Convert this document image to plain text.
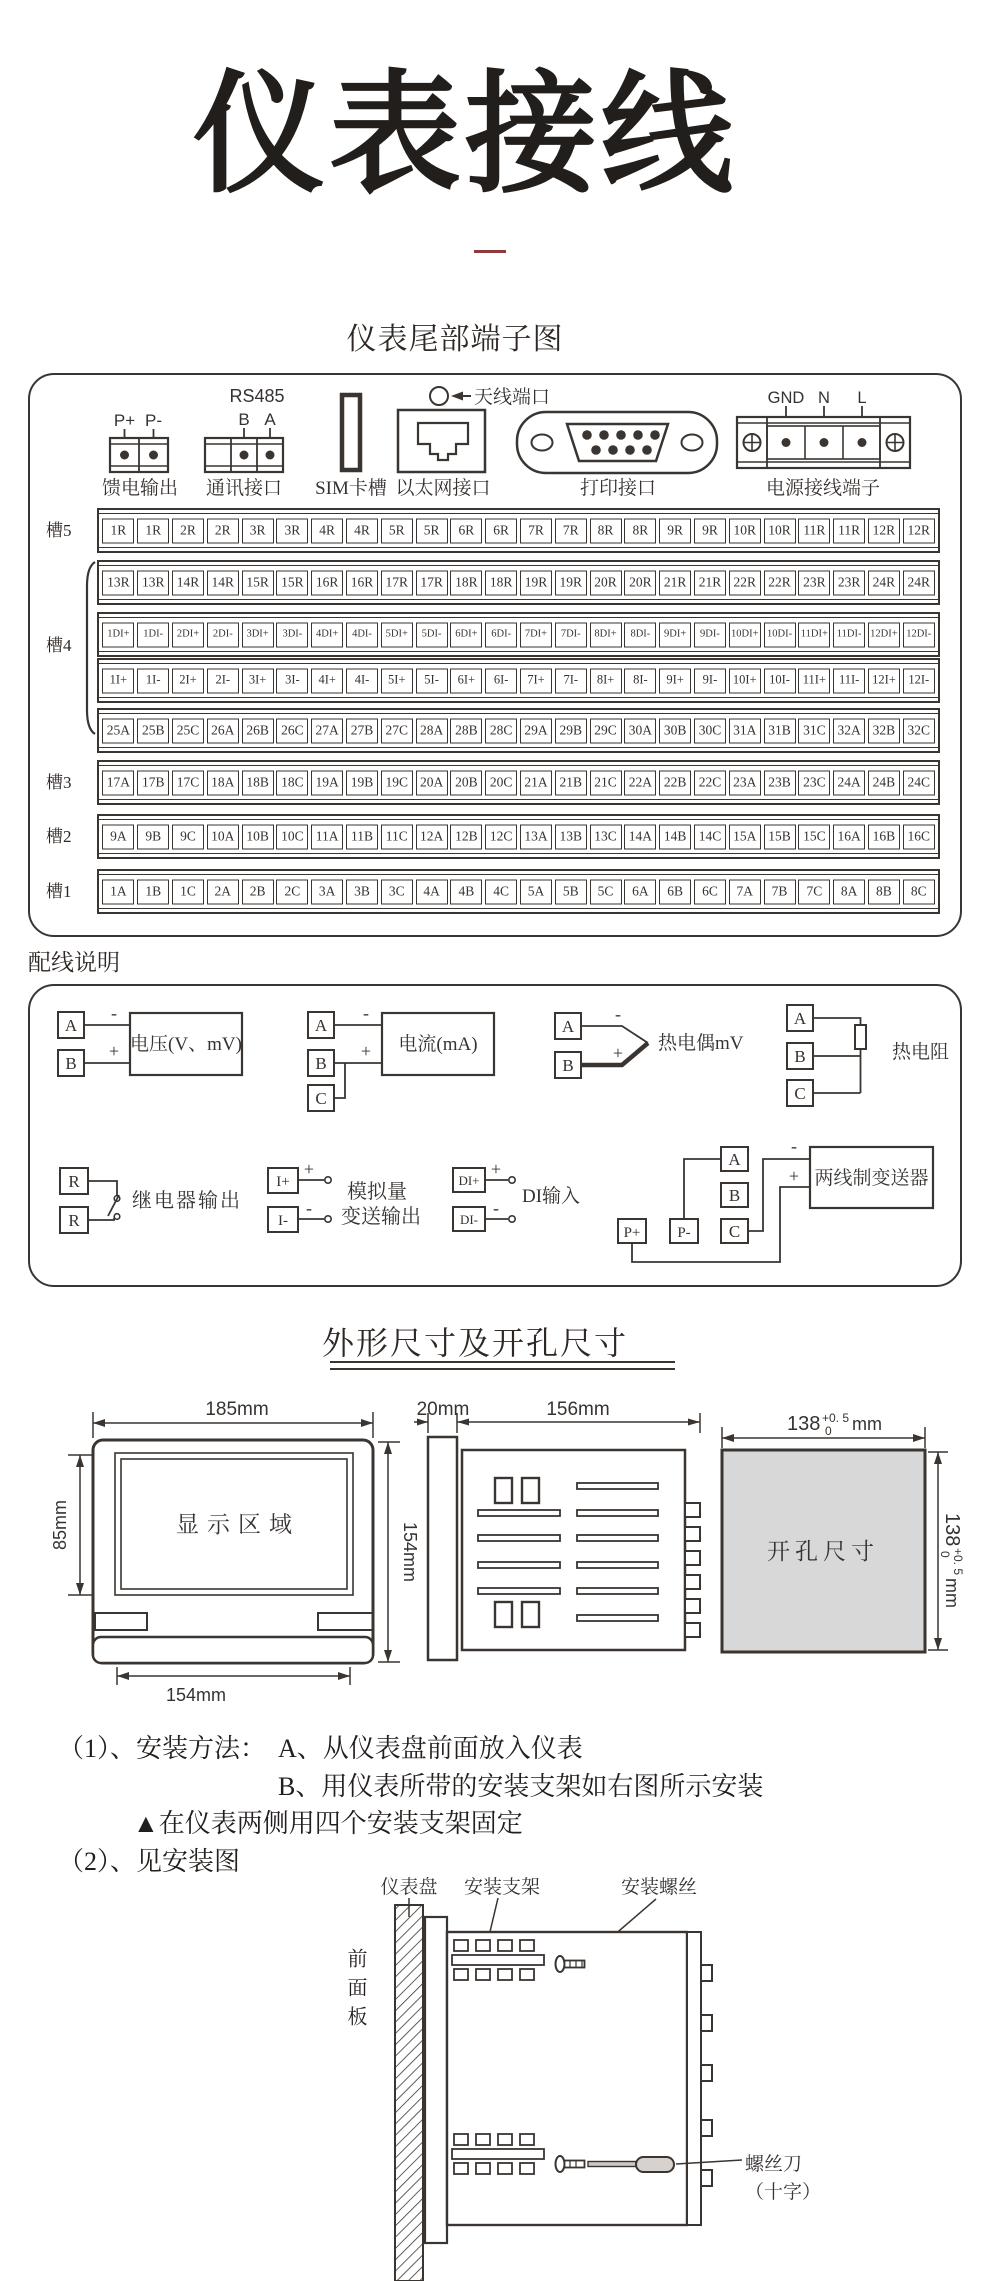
仪表接线
仪表尾部端子图
P+ P-
馈电输出
RS485
B A
通讯接口 SIM卡槽 以太网接口
天线端口
打印接口
GND N L
电源接线端子
槽5
槽4
槽3
槽2
槽1
1R	1R	2R	2R	3R	3R	4R	4R	5R	5R	6R	6R	7R	7R	8R	8R	9R	9R	10R 10R 11R 11R 12R 12R
13R 13R 14R 14R 15R 15R 16R 16R 17R 17R 18R 18R 19R 19R 20R 20R 21R 21R 22R 22R 23R 23R 24R 24R
1DI+	1DI-	2DI+	2DI-	3DI+	3DI-	4DI+	4DI-	5DI+	5DI-	6DI+	6DI-	7DI+	7DI-	8DI+	8DI-	9DI+	9DI-	10DI+ 10DI- 11DI+ 11DI- 12DI+ 12DI-
1I+	1I-	2I+	2I-	3I+	3I-	4I+	4I-	5I+	5I-	6I+	6I-	7I+	7I-	8I+	8I-	9I+	9I-	10I+	10I-	11I+	11I-	12I+	12I-
25A 25B 25C 26A 26B 26C 27A 27B 27C 28A 28B 28C 29A 29B 29C 30A 30B 30C 31A 31B 31C 32A 32B 32C
17A 17B 17C 18A 18B 18C 19A 19B 19C 20A 20B 20C 21A 21B 21C 22A 22B 22C 23A 23B 23C 24A 24B 24C
9A	9B	9C	10A 10B 10C 11A 11B 11C 12A 12B 12C 13A 13B 13C 14A 14B 14C 15A 15B 15C 16A 16B 16C
1A	1B	1C	2A	2B	2C	3A	3B	3C	4A	4B	4C	5A	5B	5C	6A	6B	6C	7A	7B	7C	8A	8B	8C
配线说明
A
B
-
+ 电压(V、mV)
A
B
C
-
+ 电流(mA)
A
B
-
+ 热电偶mV
A
B
C
热电阻
R
R
继电器输出
I+
I-
+
-
模拟量
变送输出
DI+
DI-
+
-
DI输入
A
B
C
P+ P-
-
+ 两线制变送器
外形尺寸及开孔尺寸
185mm
显示区域
85mm	154mm
154mm
20mm	156mm
138 +0. 5
0 mm
开孔尺寸
138
+0. 5
0
mm
（1）、安装方法： A、从仪表盘前面放入仪表
B、用仪表所带的安装支架如右图所示安装
▲在仪表两侧用四个安装支架固定
（2）、见安装图
前面板
仪表盘 安装支架	安装螺丝
螺丝刀
（十字）
